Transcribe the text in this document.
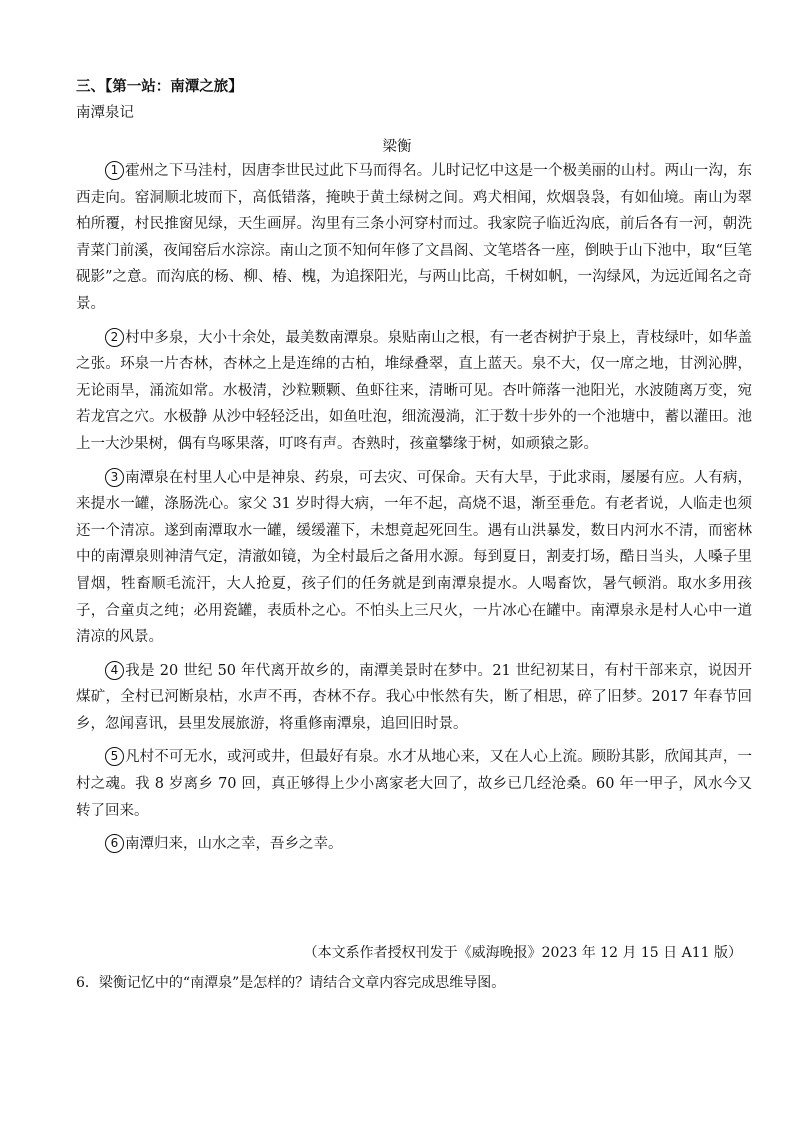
三、【第一站：南潭之旅】
南潭泉记
梁衡

1 霍州之下马洼村，因唐李世民过此下马而得名。儿时记忆中这是一个极美丽的山村。两山一沟，东西走向。窑洞顺北坡而下，高低错落，掩映于黄土绿树之间。鸡犬相闻，炊烟袅袅，有如仙境。南山为翠柏所覆，村民推窗见绿，天生画屏。沟里有三条小河穿村而过。我家院子临近沟底，前后各有一河，朝洗青菜门前溪，夜闻窑后水淙淙。南山之顶不知何年修了文昌阁、文笔塔各一座，倒映于山下池中，取“巨笔砚影”之意。而沟底的杨、柳、椿、槐，为追探阳光，与两山比高，千树如帆，一沟绿风，为远近闻名之奇景。

2 村中多泉，大小十余处，最美数南潭泉。泉贴南山之根，有一老杏树护于泉上，青枝绿叶，如华盖之张。环泉一片杏林，杏林之上是连绵的古柏，堆绿叠翠，直上蓝天。泉不大，仅一席之地，甘洌沁脾，无论雨旱，涌流如常。水极清，沙粒颗颗、鱼虾往来，清晰可见。杏叶筛落一池阳光，水波随离万变，宛若龙宫之穴。水极静 从沙中轻轻泛出，如鱼吐泡，细流漫淌，汇于数十步外的一个池塘中，蓄以灌田。池上一大沙果树，偶有鸟啄果落，叮咚有声。杏熟时，孩童攀缘于树，如顽猿之影。

3 南潭泉在村里人心中是神泉、药泉，可去灾、可保命。天有大旱，于此求雨，屡屡有应。人有病，来提水一罐，涤肠洗心。家父 31 岁时得大病，一年不起，高烧不退，渐至垂危。有老者说，人临走也须还一个清凉。遂到南潭取水一罐，缓缓灌下，未想竟起死回生。遇有山洪暴发，数日内河水不清，而密林中的南潭泉则神清气定，清澈如镜，为全村最后之备用水源。每到夏日，割麦打场，酷日当头，人嗓子里冒烟，牲畜顺毛流汗，大人抢夏，孩子们的任务就是到南潭泉提水。人喝畜饮，暑气顿消。取水多用孩子，合童贞之纯；必用瓷罐，表质朴之心。不怕头上三尺火，一片冰心在罐中。南潭泉永是村人心中一道清凉的风景。

4 我是 20 世纪 50 年代离开故乡的，南潭美景时在梦中。21 世纪初某日，有村干部来京，说因开煤矿，全村已河断泉枯，水声不再，杏林不存。我心中怅然有失，断了相思，碎了旧梦。2017 年春节回乡，忽闻喜讯，县里发展旅游，将重修南潭泉，追回旧时景。

5 凡村不可无水，或河或井，但最好有泉。水才从地心来，又在人心上流。顾盼其影，欣闻其声，一村之魂。我 8 岁离乡 70 回，真正够得上少小离家老大回了，故乡已几经沧桑。60 年一甲子，风水今又转了回来。

6 南潭归来，山水之幸，吾乡之幸。

（本文系作者授权刊发于《威海晚报》2023 年 12 月 15 日 A11 版）
6．梁衡记忆中的“南潭泉”是怎样的？请结合文章内容完成思维导图。
